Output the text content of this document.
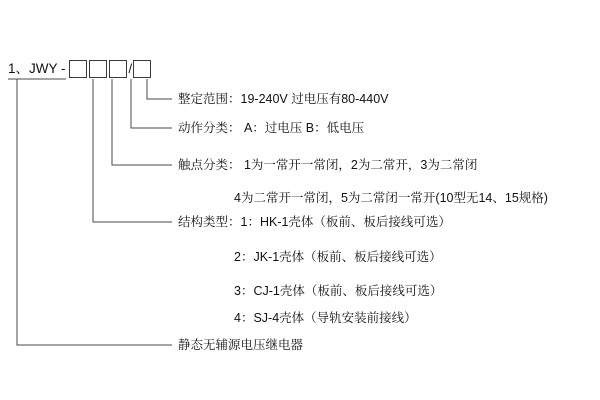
1、JWY -	/
整定范围：19-240V 过电压有80-440V
动作分类： A：过电压 B：低电压
触点分类： 1为一常开一常闭，2为二常开，3为二常闭
4为二常开一常闭，5为二常闭一常开(10型无14、15规格)
结构类型：1：HK-1壳体（板前、板后接线可选）
2：JK-1壳体（板前、板后接线可选）
3：CJ-1壳体（板前、板后接线可选）
4：SJ-4壳体（导轨安装前接线）
静态无辅源电压继电器
